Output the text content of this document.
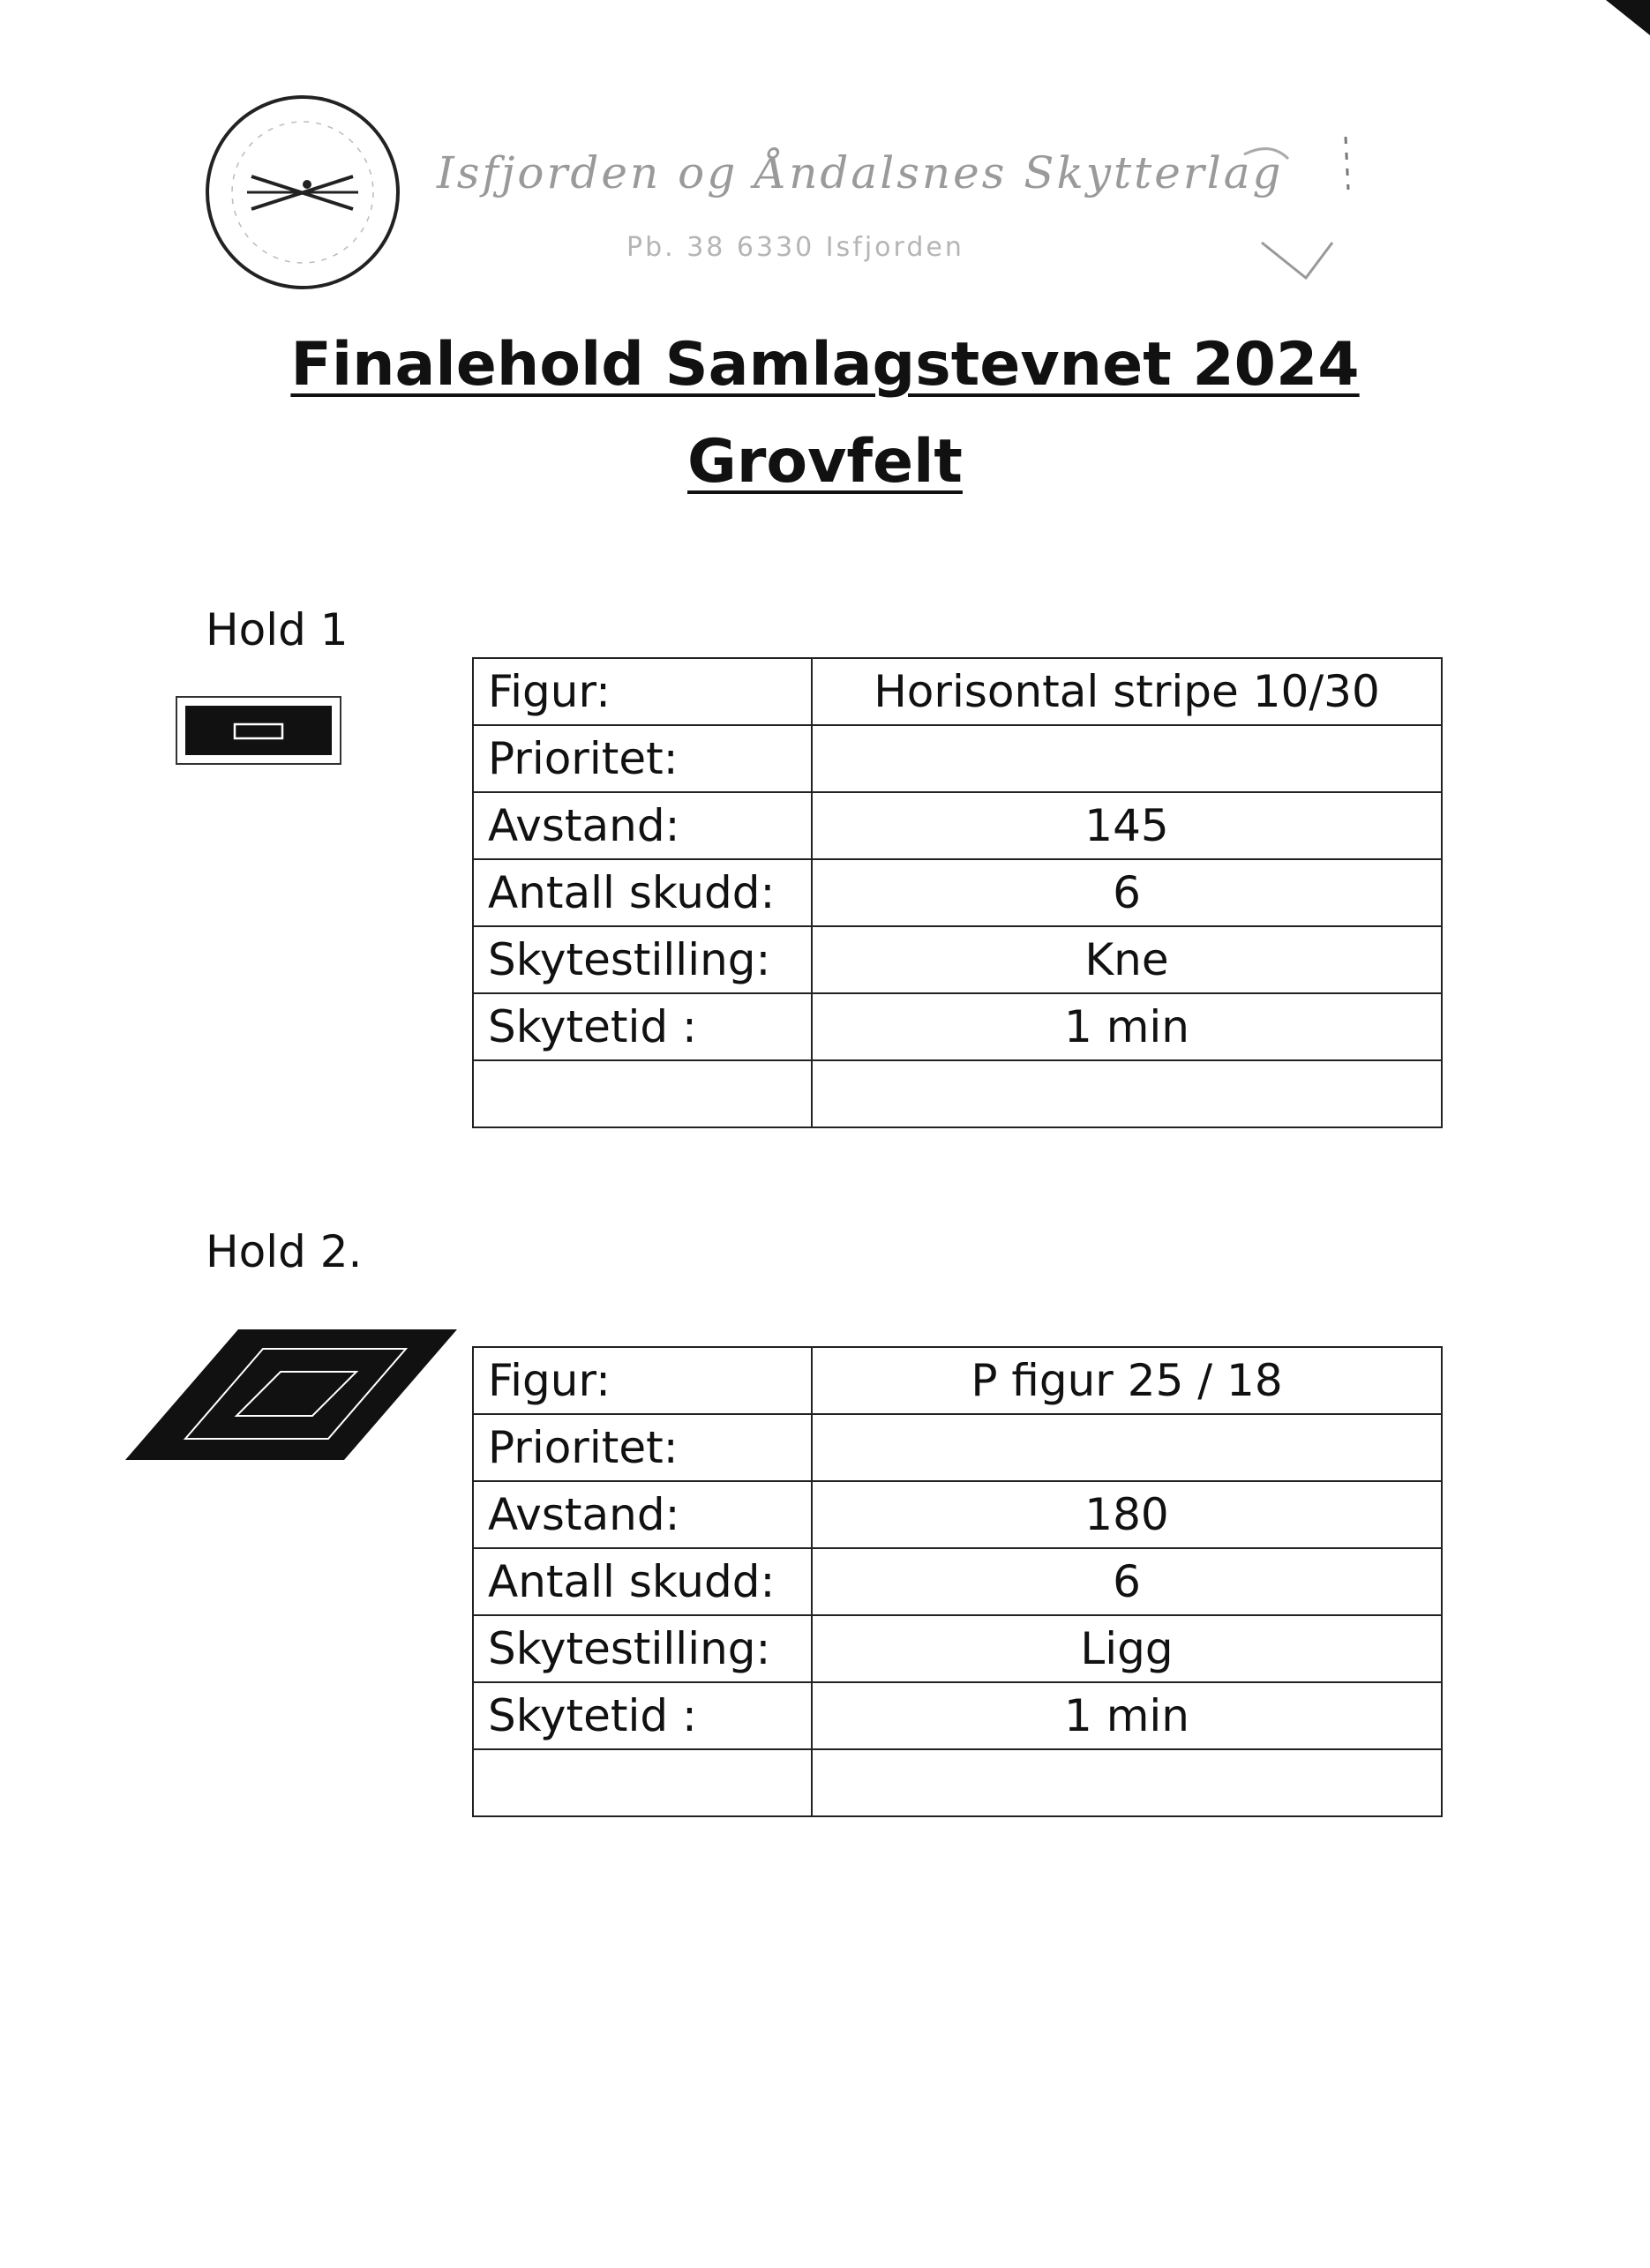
Isfjorden og Åndalsnes Skytterlag
Pb. 38 6330 Isfjorden
Finalehold Samlagstevnet 2024
Grovfelt
Hold 1
Figur:	Horisontal stripe 10/30
Prioritet:	
Avstand:	145
Antall skudd:	6
Skytestilling:	Kne
Skytetid :	1 min

Hold 2.
Figur:	P figur 25 / 18
Prioritet:	
Avstand:	180
Antall skudd:	6
Skytestilling:	Ligg
Skytetid :	1 min
